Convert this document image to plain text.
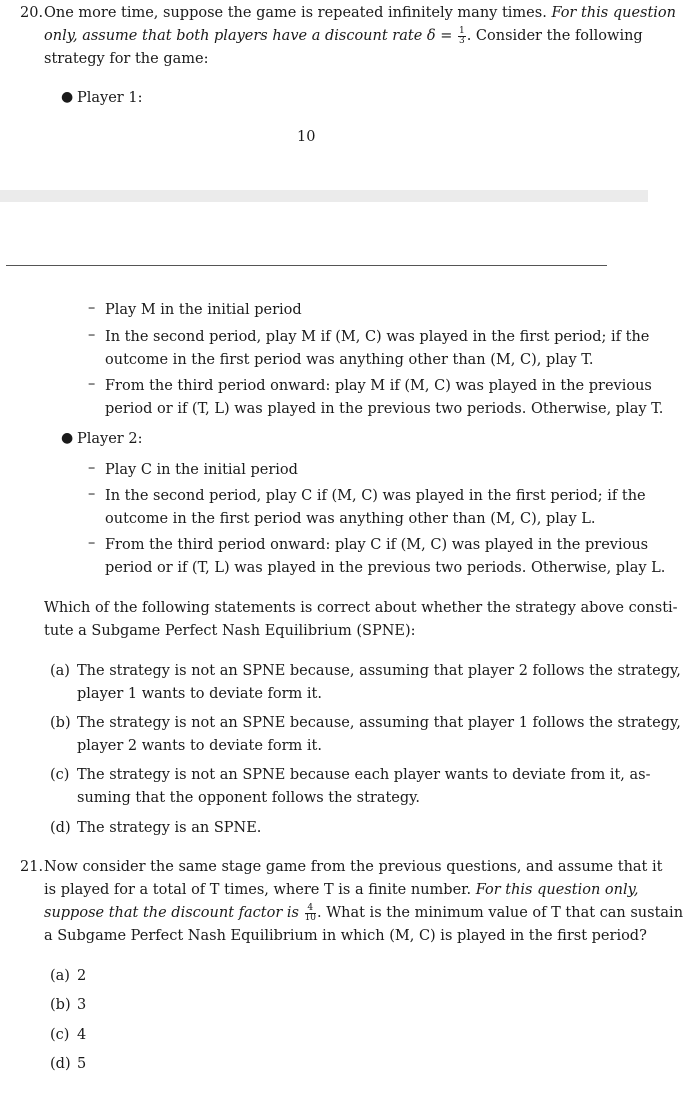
20. One more time, suppose the game is repeated infinitely many times. For this question
only, assume that both players have a discount rate $\delta = \frac{1}{3}$ . Consider the following
strategy for the game:
● Player 1:
10
– Play M in the initial period
– In the second period, play M if (M, C) was played in the first period; if the
outcome in the first period was anything other than (M, C), play T.
– From the third period onward: play M if (M, C) was played in the previous
period or if (T, L) was played in the previous two periods. Otherwise, play T.
● Player 2:
– Play C in the initial period
– In the second period, play C if (M, C) was played in the first period; if the
outcome in the first period was anything other than (M, C), play L.
– From the third period onward: play C if (M, C) was played in the previous
period or if (T, L) was played in the previous two periods. Otherwise, play L.
Which of the following statements is correct about whether the strategy above consti-
tute a Subgame Perfect Nash Equilibrium (SPNE):
(a) The strategy is not an SPNE because, assuming that player 2 follows the strategy,
player 1 wants to deviate form it.
(b) The strategy is not an SPNE because, assuming that player 1 follows the strategy,
player 2 wants to deviate form it.
(c) The strategy is not an SPNE because each player wants to deviate from it, as-
suming that the opponent follows the strategy.
(d) The strategy is an SPNE.
21. Now consider the same stage game from the previous questions, and assume that it
is played for a total of T times, where T is a finite number. For this question only,
suppose that the discount factor is $\frac{4}{10}$ . What is the minimum value of T that can sustain
a Subgame Perfect Nash Equilibrium in which (M, C) is played in the first period?
(a) 2
(b) 3
(c) 4
(d) 5
